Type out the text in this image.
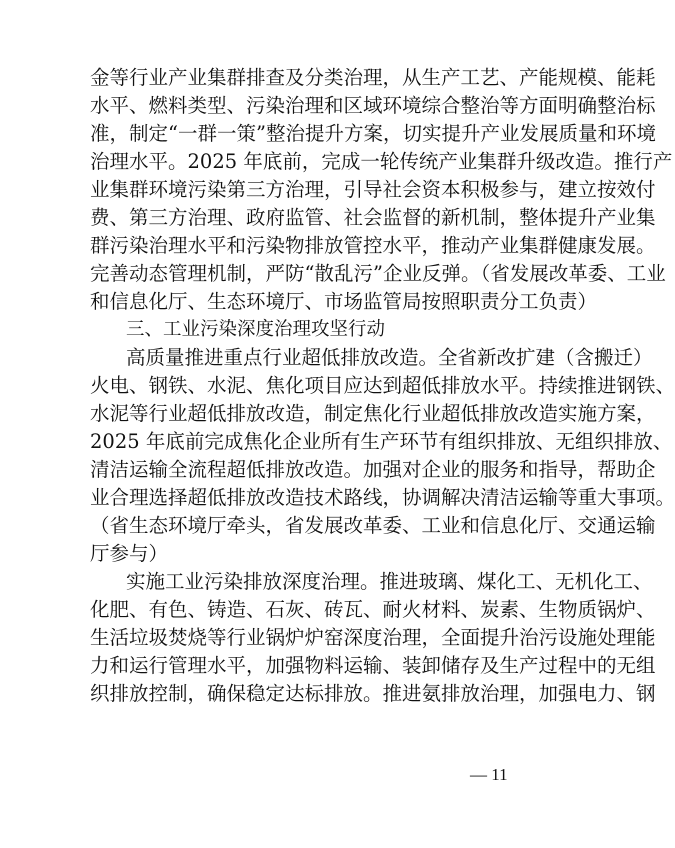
金等行业产业集群排查及分类治理，从生产工艺、产能规模、能耗
水平、燃料类型、污染治理和区域环境综合整治等方面明确整治标
准，制定“一群一策”整治提升方案，切实提升产业发展质量和环境
治理水平。2025 年底前，完成一轮传统产业集群升级改造。推行产
业集群环境污染第三方治理，引导社会资本积极参与，建立按效付
费、第三方治理、政府监管、社会监督的新机制，整体提升产业集
群污染治理水平和污染物排放管控水平，推动产业集群健康发展。
完善动态管理机制，严防“散乱污”企业反弹。（省发展改革委、工业
和信息化厅、生态环境厅、市场监管局按照职责分工负责）
三、工业污染深度治理攻坚行动
高质量推进重点行业超低排放改造。全省新改扩建（含搬迁）
火电、钢铁、水泥、焦化项目应达到超低排放水平。持续推进钢铁、
水泥等行业超低排放改造，制定焦化行业超低排放改造实施方案，
2025 年底前完成焦化企业所有生产环节有组织排放、无组织排放、
清洁运输全流程超低排放改造。加强对企业的服务和指导，帮助企
业合理选择超低排放改造技术路线，协调解决清洁运输等重大事项。
（省生态环境厅牵头，省发展改革委、工业和信息化厅、交通运输
厅参与）
实施工业污染排放深度治理。推进玻璃、煤化工、无机化工、
化肥、有色、铸造、石灰、砖瓦、耐火材料、炭素、生物质锅炉、
生活垃圾焚烧等行业锅炉炉窑深度治理，全面提升治污设施处理能
力和运行管理水平，加强物料运输、装卸储存及生产过程中的无组
织排放控制，确保稳定达标排放。推进氨排放治理，加强电力、钢
— 11
